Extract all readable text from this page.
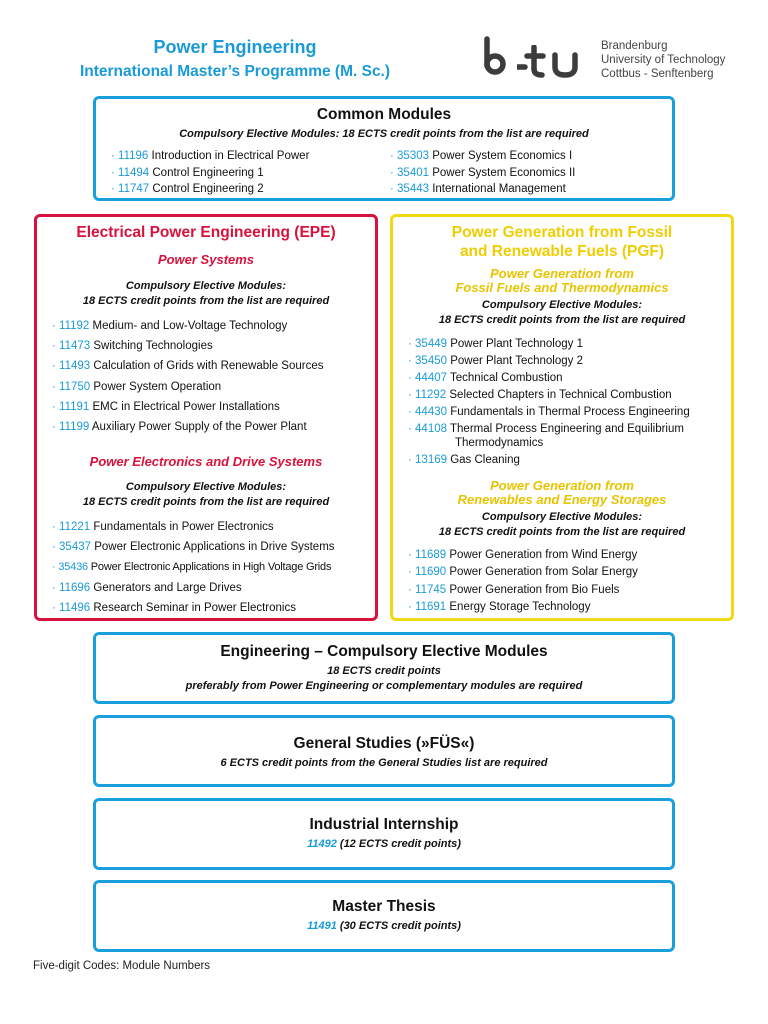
Power Engineering
International Master’s Programme (M. Sc.)
Brandenburg
University of Technology
Cottbus - Senftenberg
Common Modules
Compulsory Elective Modules: 18 ECTS credit points from the list are required
· 11196 Introduction in Electrical Power
· 11494 Control Engineering 1
· 11747 Control Engineering 2
· 35303 Power System Economics I
· 35401 Power System Economics II
· 35443 International Management
Electrical Power Engineering (EPE)
Power Systems
Compulsory Elective Modules:
18 ECTS credit points from the list are required
· 11192 Medium- and Low-Voltage Technology
· 11473 Switching Technologies
· 11493 Calculation of Grids with Renewable Sources
· 11750 Power System Operation
· 11191 EMC in Electrical Power Installations
· 11199 Auxiliary Power Supply of the Power Plant
Power Electronics and Drive Systems
Compulsory Elective Modules:
18 ECTS credit points from the list are required
· 11221 Fundamentals in Power Electronics
· 35437 Power Electronic Applications in Drive Systems
· 35436 Power Electronic Applications in High Voltage Grids
· 11696 Generators and Large Drives
· 11496 Research Seminar in Power Electronics
Power Generation from Fossil
and Renewable Fuels (PGF)
Power Generation from
Fossil Fuels and Thermodynamics
Compulsory Elective Modules:
18 ECTS credit points from the list are required
· 35449 Power Plant Technology 1
· 35450 Power Plant Technology 2
· 44407 Technical Combustion
· 11292 Selected Chapters in Technical Combustion
· 44430 Fundamentals in Thermal Process Engineering
· 44108 Thermal Process Engineering and Equilibrium
Thermodynamics
· 13169 Gas Cleaning
Power Generation from
Renewables and Energy Storages
Compulsory Elective Modules:
18 ECTS credit points from the list are required
· 11689 Power Generation from Wind Energy
· 11690 Power Generation from Solar Energy
· 11745 Power Generation from Bio Fuels
· 11691 Energy Storage Technology
Engineering – Compulsory Elective Modules
18 ECTS credit points
preferably from Power Engineering or complementary modules are required
General Studies (»FÜS«)
6 ECTS credit points from the General Studies list are required
Industrial Internship
11492 (12 ECTS credit points)
Master Thesis
11491 (30 ECTS credit points)
Five-digit Codes: Module Numbers
